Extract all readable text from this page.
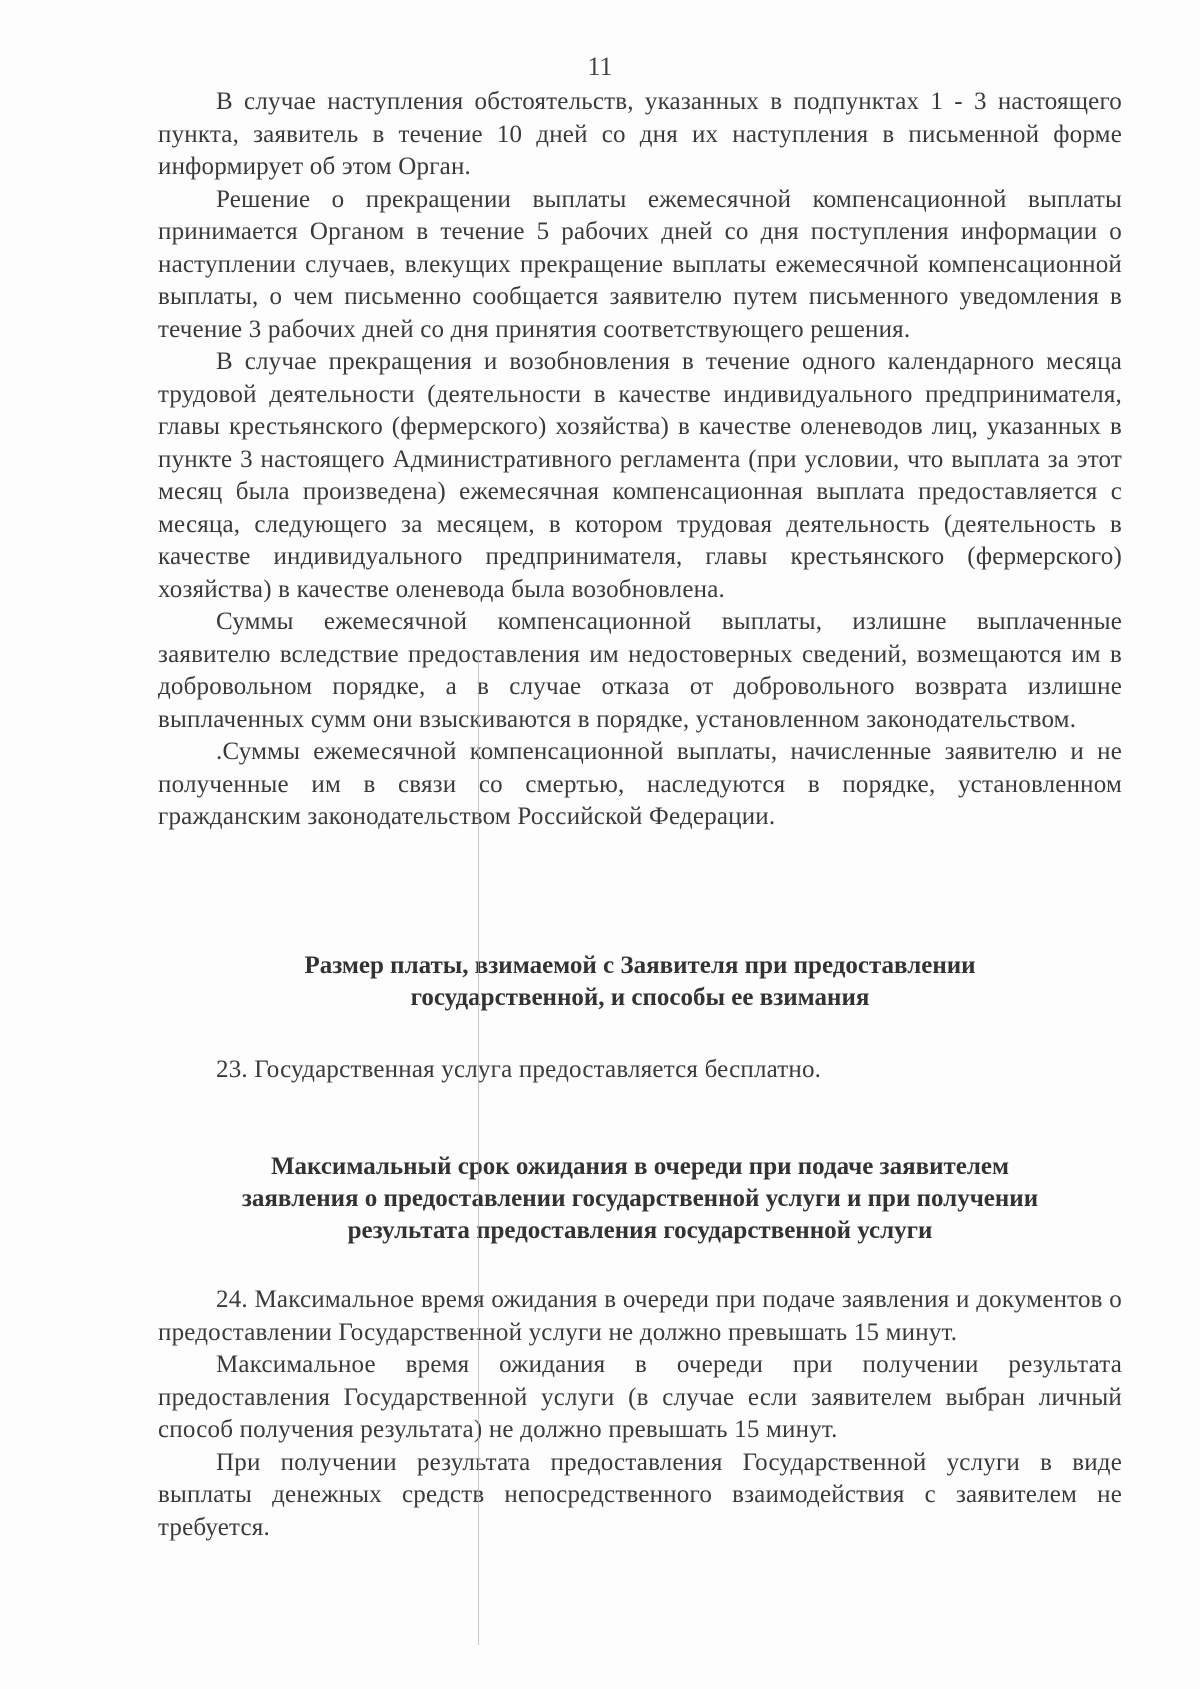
11

В случае наступления обстоятельств, указанных в подпунктах 1 - 3 настоящего пункта, заявитель в течение 10 дней со дня их наступления в письменной форме информирует об этом Орган.

Решение о прекращении выплаты ежемесячной компенсационной выплаты принимается Органом в течение 5 рабочих дней со дня поступления информации о наступлении случаев, влекущих прекращение выплаты ежемесячной компенсационной выплаты, о чем письменно сообщается заявителю путем письменного уведомления в течение 3 рабочих дней со дня принятия соответствующего решения.

В случае прекращения и возобновления в течение одного календарного месяца трудовой деятельности (деятельности в качестве индивидуального предпринимателя, главы крестьянского (фермерского) хозяйства) в качестве оленеводов лиц, указанных в пункте 3 настоящего Административного регламента (при условии, что выплата за этот месяц была произведена) ежемесячная компенсационная выплата предоставляется с месяца, следующего за месяцем, в котором трудовая деятельность (деятельность в качестве индивидуального предпринимателя, главы крестьянского (фермерского) хозяйства) в качестве оленевода была возобновлена.

Суммы ежемесячной компенсационной выплаты, излишне выплаченные заявителю вследствие предоставления им недостоверных сведений, возмещаются им в добровольном порядке, а в случае отказа от добровольного возврата излишне выплаченных сумм они взыскиваются в порядке, установленном законодательством.

.Суммы ежемесячной компенсационной выплаты, начисленные заявителю и не полученные им в связи со смертью, наследуются в порядке, установленном гражданским законодательством Российской Федерации.

Размер платы, взимаемой с Заявителя при предоставлении

государственной, и способы ее взимания

23. Государственная услуга предоставляется бесплатно.

Максимальный срок ожидания в очереди при подаче заявителем

заявления о предоставлении государственной услуги и при получении

результата предоставления государственной услуги

24. Максимальное время ожидания в очереди при подаче заявления и документов о предоставлении Государственной услуги не должно превышать 15 минут.

Максимальное время ожидания в очереди при получении результата предоставления Государственной услуги (в случае если заявителем выбран личный способ получения результата) не должно превышать 15 минут.

При получении результата предоставления Государственной услуги в виде выплаты денежных средств непосредственного взаимодействия с заявителем не требуется.
